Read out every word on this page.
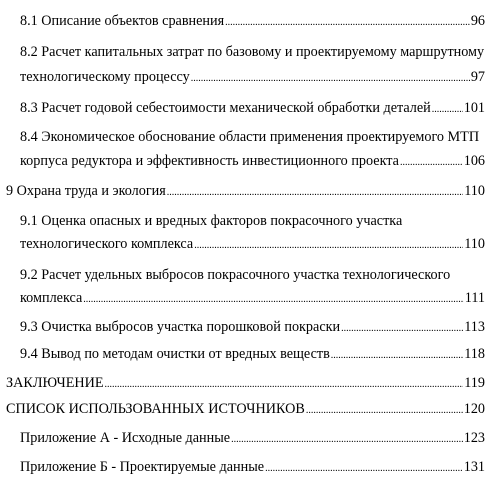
8.1 Описание объектов сравнения .....	96
8.2 Расчет капитальных затрат по базовому и проектируемому маршрутному
технологическому процессу .....	97
8.3 Расчет годовой себестоимости механической обработки деталей ..... 101
8.4 Экономическое обоснование области применения проектируемого МТП
корпуса редуктора и эффективность инвестиционного проекта .....	106
9 Охрана труда и экология .....	110
9.1 Оценка опасных и вредных факторов покрасочного участка
технологического комплекса .....	110
9.2 Расчет удельных выбросов покрасочного участка технологического
комплекса .....	111
9.3 Очистка выбросов участка порошковой покраски .....	113
9.4 Вывод по методам очистки от вредных веществ .....	118
ЗАКЛЮЧЕНИЕ .....	119
СПИСОК ИСПОЛЬЗОВАННЫХ ИСТОЧНИКОВ .....	120
Приложение А - Исходные данные .....	123
Приложение Б - Проектируемые данные .....	131
